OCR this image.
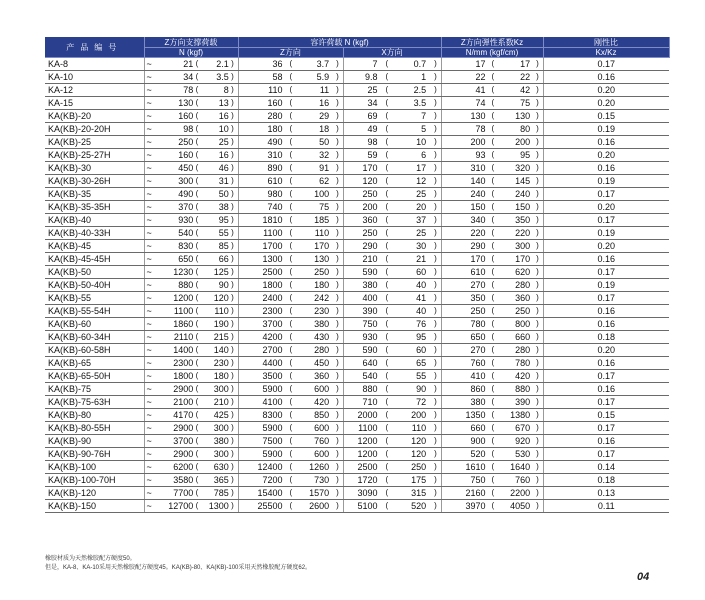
产品编号	Z方向支撑荷载	容许荷载 N (kgf)		Z方向弹性系数Kz	刚性比
	N (kgf)	Z方向	X方向	N/mm (kgf/cm)	Kx/Kz
KA-8	~ 21 ( 2.1 )	36 ( 3.7 )	7 ( 0.7 )	17 ( 17 )	0.17
KA-10	~ 34 ( 3.5 )	58 ( 5.9 )	9.8 ( 1 )	22 ( 22 )	0.16
KA-12	~ 78 ( 8 )	110 ( 11 )	25 ( 2.5 )	41 ( 42 )	0.20
KA-15	~ 130 ( 13 )	160 ( 16 )	34 ( 3.5 )	74 ( 75 )	0.20
KA(KB)-20	~ 160 ( 16 )	280 ( 29 )	69 ( 7 )	130 ( 130 )	0.15
KA(KB)-20-20H	~ 98 ( 10 )	180 ( 18 )	49 ( 5 )	78 ( 80 )	0.19
KA(KB)-25	~ 250 ( 25 )	490 ( 50 )	98 ( 10 )	200 ( 200 )	0.16
KA(KB)-25-27H	~ 160 ( 16 )	310 ( 32 )	59 ( 6 )	93 ( 95 )	0.20
KA(KB)-30	~ 450 ( 46 )	890 ( 91 )	170 ( 17 )	310 ( 320 )	0.16
KA(KB)-30-26H	~ 300 ( 31 )	610 ( 62 )	120 ( 12 )	140 ( 145 )	0.19
KA(KB)-35	~ 490 ( 50 )	980 ( 100 )	250 ( 25 )	240 ( 240 )	0.17
KA(KB)-35-35H	~ 370 ( 38 )	740 ( 75 )	200 ( 20 )	150 ( 150 )	0.20
KA(KB)-40	~ 930 ( 95 )	1810 ( 185 )	360 ( 37 )	340 ( 350 )	0.17
KA(KB)-40-33H	~ 540 ( 55 )	1100 ( 110 )	250 ( 25 )	220 ( 220 )	0.19
KA(KB)-45	~ 830 ( 85 )	1700 ( 170 )	290 ( 30 )	290 ( 300 )	0.20
KA(KB)-45-45H	~ 650 ( 66 )	1300 ( 130 )	210 ( 21 )	170 ( 170 )	0.16
KA(KB)-50	~ 1230 ( 125 )	2500 ( 250 )	590 ( 60 )	610 ( 620 )	0.17
KA(KB)-50-40H	~ 880 ( 90 )	1800 ( 180 )	380 ( 40 )	270 ( 280 )	0.19
KA(KB)-55	~ 1200 ( 120 )	2400 ( 242 )	400 ( 41 )	350 ( 360 )	0.17
KA(KB)-55-54H	~ 1100 ( 110 )	2300 ( 230 )	390 ( 40 )	250 ( 250 )	0.16
KA(KB)-60	~ 1860 ( 190 )	3700 ( 380 )	750 ( 76 )	780 ( 800 )	0.16
KA(KB)-60-34H	~ 2110 ( 215 )	4200 ( 430 )	930 ( 95 )	650 ( 660 )	0.18
KA(KB)-60-58H	~ 1400 ( 140 )	2700 ( 280 )	590 ( 60 )	270 ( 280 )	0.20
KA(KB)-65	~ 2300 ( 230 )	4400 ( 450 )	640 ( 65 )	760 ( 780 )	0.16
KA(KB)-65-50H	~ 1800 ( 180 )	3500 ( 360 )	540 ( 55 )	410 ( 420 )	0.17
KA(KB)-75	~ 2900 ( 300 )	5900 ( 600 )	880 ( 90 )	860 ( 880 )	0.16
KA(KB)-75-63H	~ 2100 ( 210 )	4100 ( 420 )	710 ( 72 )	380 ( 390 )	0.17
KA(KB)-80	~ 4170 ( 425 )	8300 ( 850 )	2000 ( 200 )	1350 ( 1380 )	0.15
KA(KB)-80-55H	~ 2900 ( 300 )	5900 ( 600 )	1100 ( 110 )	660 ( 670 )	0.17
KA(KB)-90	~ 3700 ( 380 )	7500 ( 760 )	1200 ( 120 )	900 ( 920 )	0.16
KA(KB)-90-76H	~ 2900 ( 300 )	5900 ( 600 )	1200 ( 120 )	520 ( 530 )	0.17
KA(KB)-100	~ 6200 ( 630 )	12400 ( 1260 )	2500 ( 250 )	1610 ( 1640 )	0.14
KA(KB)-100-70H	~ 3580 ( 365 )	7200 ( 730 )	1720 ( 175 )	750 ( 760 )	0.18
KA(KB)-120	~ 7700 ( 785 )	15400 ( 1570 )	3090 ( 315 )	2160 ( 2200 )	0.13
KA(KB)-150	~ 12700 ( 1300 )	25500 ( 2600 )	5100 ( 520 )	3970 ( 4050 )	0.11
橡胶材质为天然橡胶配方硬度50。
但是，KA-8、KA-10采用天然橡胶配方硬度45。KA(KB)-80、KA(KB)-100采用天然橡胶配方硬度62。
04
